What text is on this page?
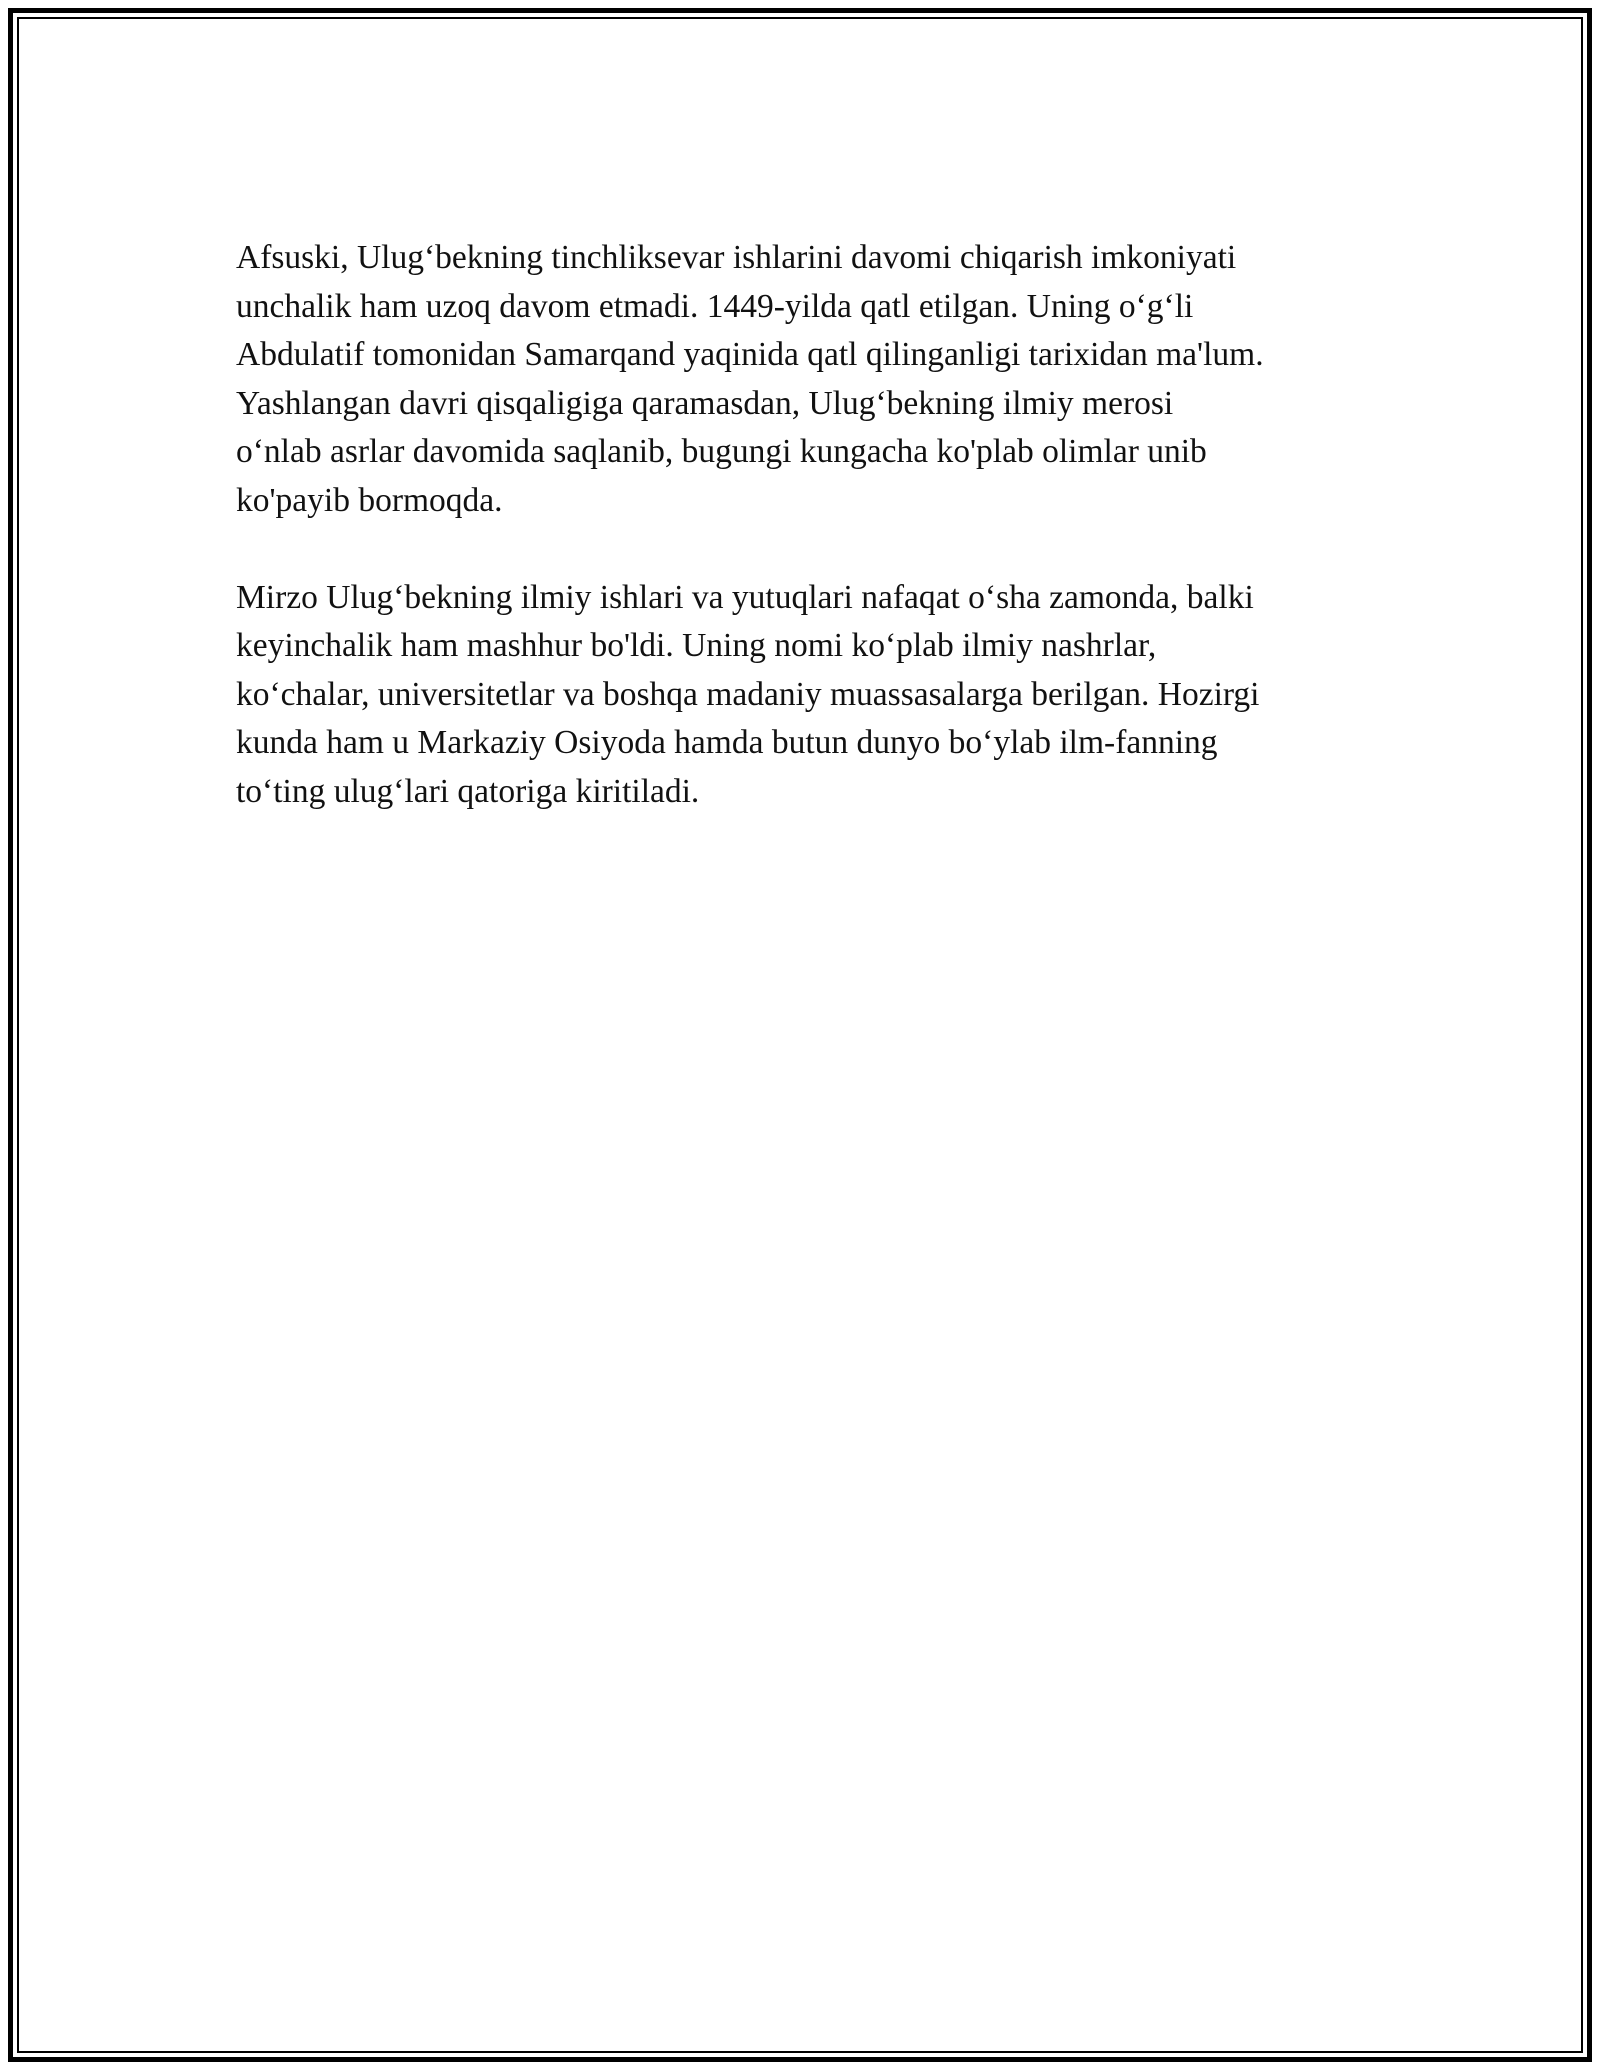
Afsuski, Ulug‘bekning tinchliksevar ishlarini davomi chiqarish imkoniyati
unchalik ham uzoq davom etmadi. 1449-yilda qatl etilgan. Uning o‘g‘li
Abdulatif tomonidan Samarqand yaqinida qatl qilinganligi tarixidan ma'lum.
Yashlangan davri qisqaligiga qaramasdan, Ulug‘bekning ilmiy merosi
o‘nlab asrlar davomida saqlanib, bugungi kungacha ko'plab olimlar unib
ko'payib bormoqda.

Mirzo Ulug‘bekning ilmiy ishlari va yutuqlari nafaqat o‘sha zamonda, balki
keyinchalik ham mashhur bo'ldi. Uning nomi ko‘plab ilmiy nashrlar,
ko‘chalar, universitetlar va boshqa madaniy muassasalarga berilgan. Hozirgi
kunda ham u Markaziy Osiyoda hamda butun dunyo bo‘ylab ilm-fanning
to‘ting ulug‘lari qatoriga kiritiladi.
